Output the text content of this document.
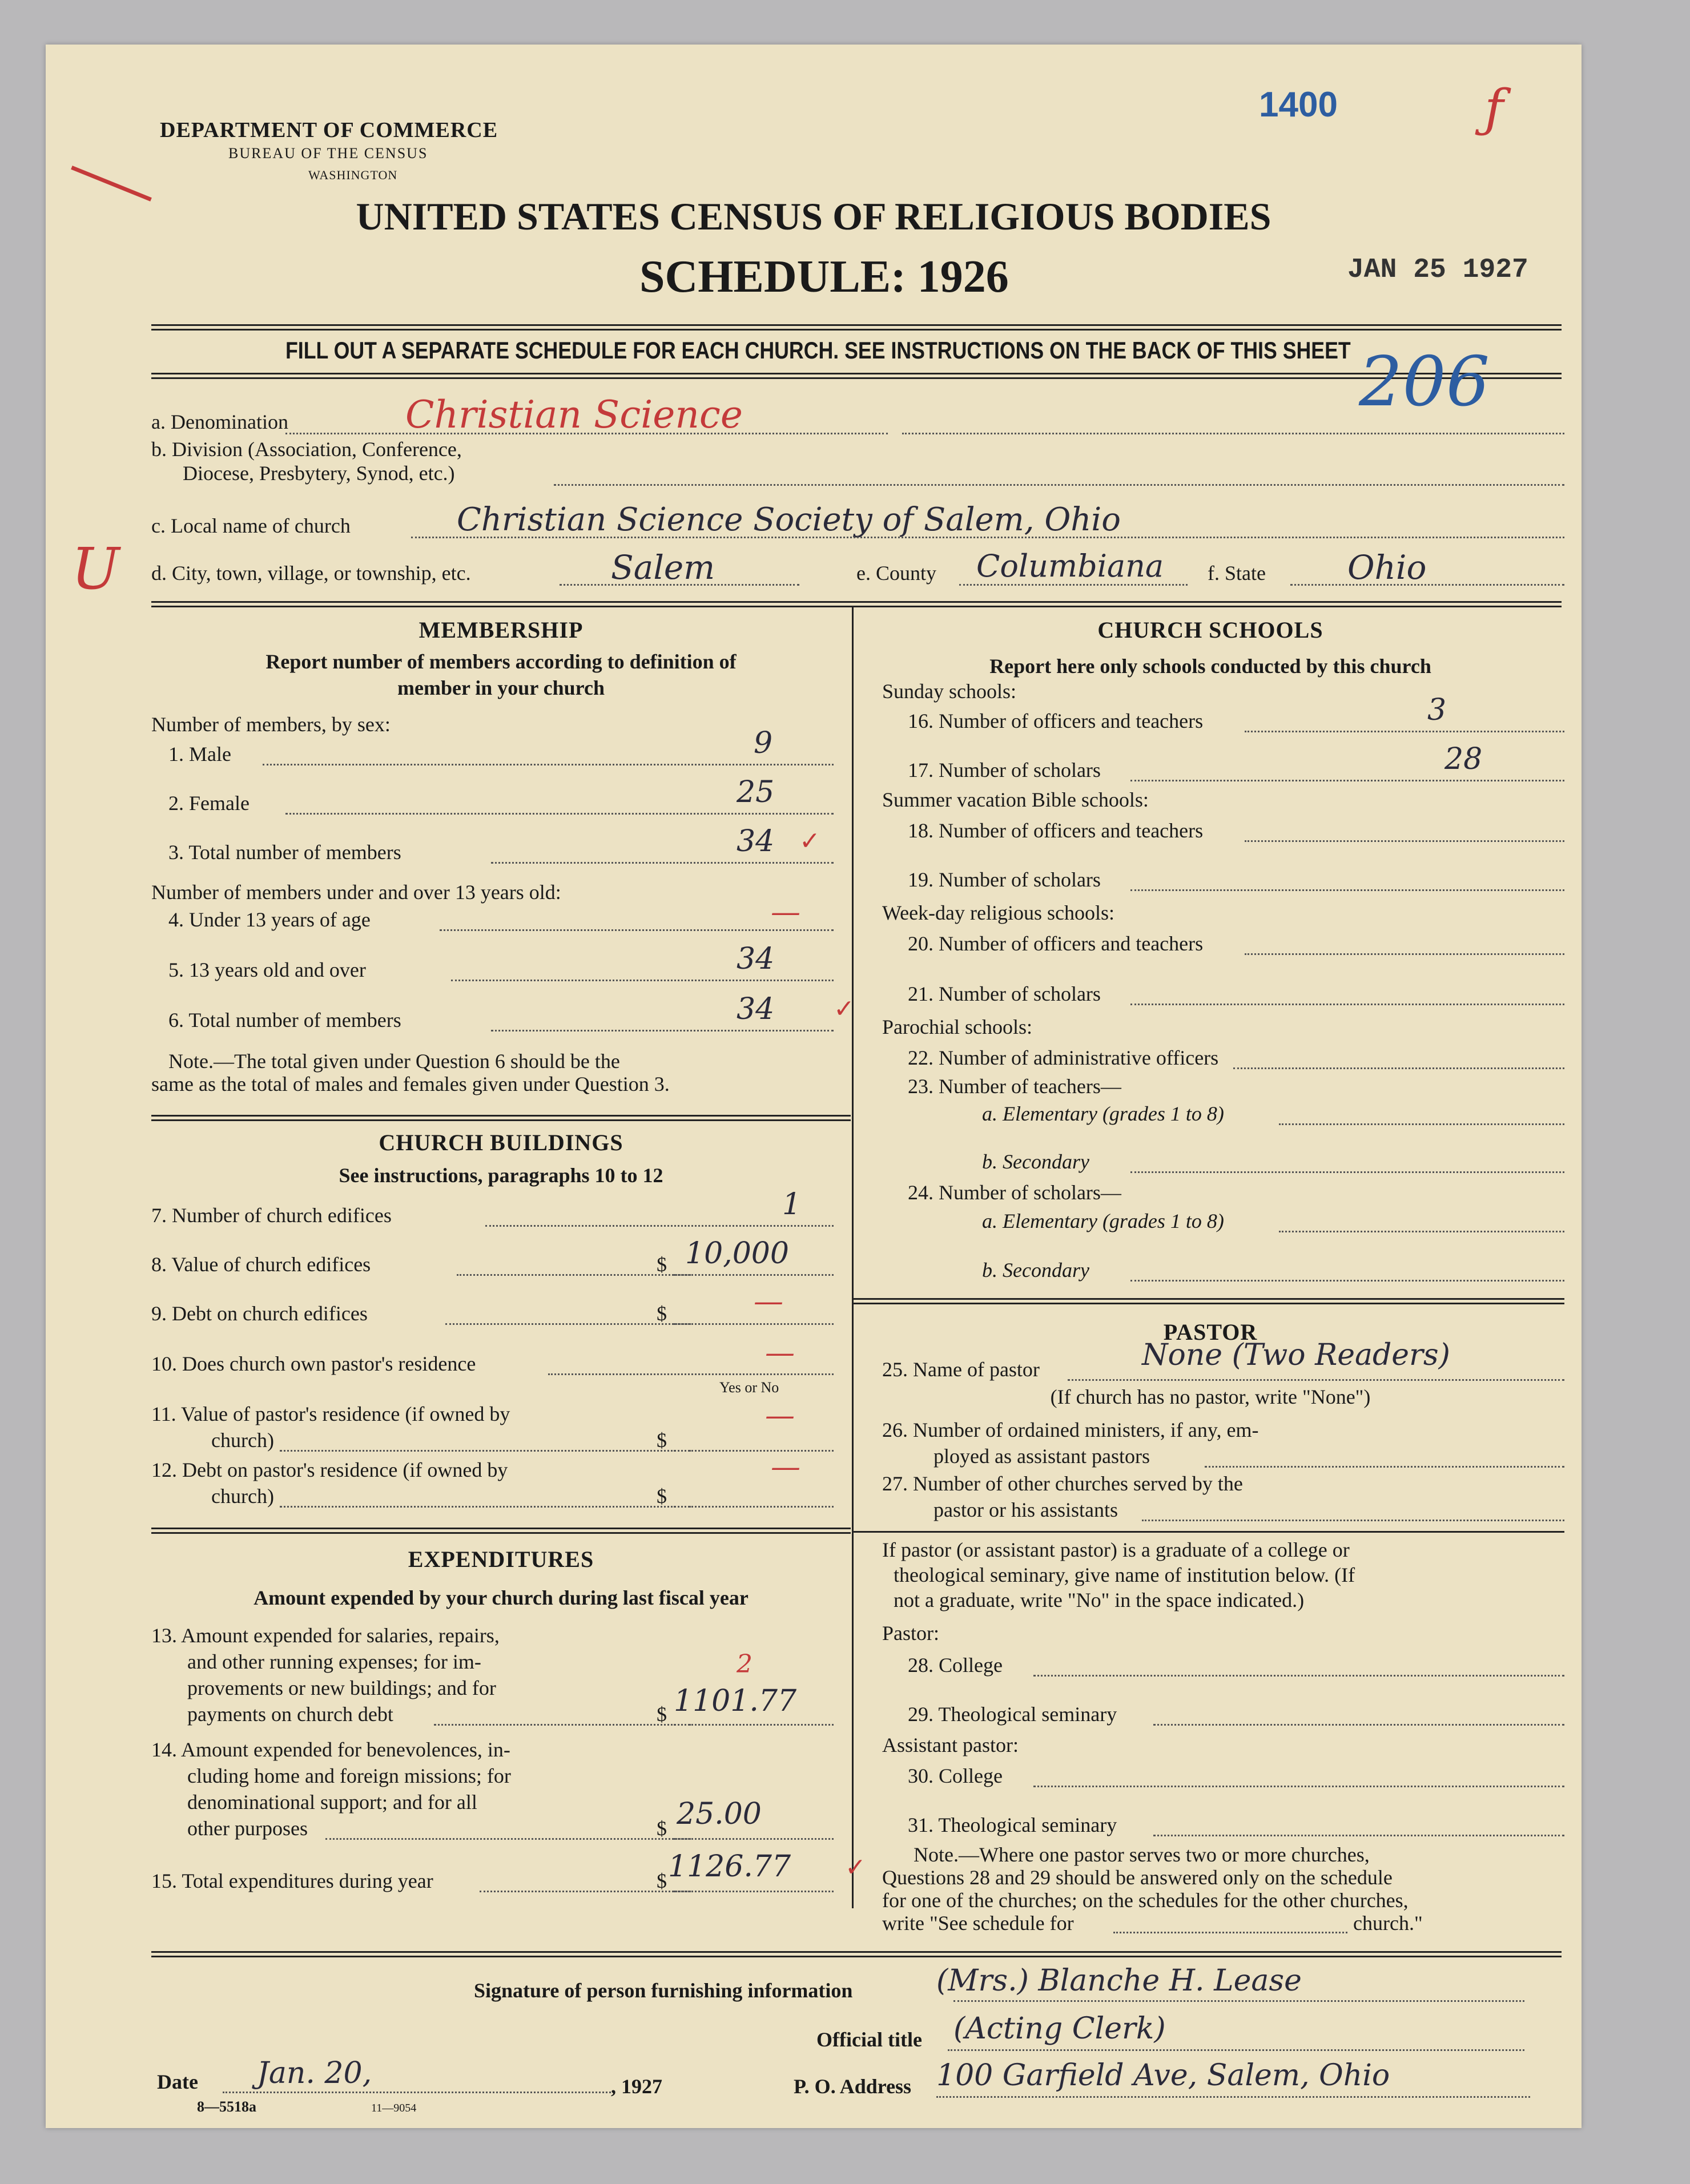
DEPARTMENT OF COMMERCE
BUREAU OF THE CENSUS
WASHINGTON
1400	ƒ
UNITED STATES CENSUS OF RELIGIOUS BODIES
SCHEDULE: 1926	JAN 25 1927
FILL OUT A SEPARATE SCHEDULE FOR EACH CHURCH. SEE INSTRUCTIONS ON THE BACK OF THIS SHEET 206
U
a. Denomination	Christian Science
b. Division (Association, Conference,
Diocese, Presbytery, Synod, etc.)
c. Local name of church	Christian Science Society of Salem, Ohio
d. City, town, village, or township, etc.	Salem	e. County Columbiana f. State Ohio
MEMBERSHIP
Report number of members according to definition of
member in your church
Number of members, by sex:
1. Male	9
2. Female	25
3. Total number of members	34 ✓
Number of members under and over 13 years old:
4. Under 13 years of age	—
5. 13 years old and over	34
6. Total number of members	34 ✓
Note.—The total given under Question 6 should be the
same as the total of males and females given under Question 3.
CHURCH BUILDINGS
See instructions, paragraphs 10 to 12
7. Number of church edifices	1
8. Value of church edifices	$ 10,000
9. Debt on church edifices	$	—
10. Does church own pastor's residence	—
Yes or No
11. Value of pastor's residence (if owned by
church)	$
—
12. Debt on pastor's residence (if owned by
church)	$
—
EXPENDITURES
Amount expended by your church during last fiscal year
13. Amount expended for salaries, repairs,
and other running expenses; for im-
provements or new buildings; and for
payments on church debt	$ 1101.77
2
14. Amount expended for benevolences, in-
cluding home and foreign missions; for
denominational support; and for all
other purposes	$ 25.00
15. Total expenditures during year	$ 1126.77 ✓
CHURCH SCHOOLS
Report here only schools conducted by this church
Sunday schools:
16. Number of officers and teachers	3
17. Number of scholars	28
Summer vacation Bible schools:
18. Number of officers and teachers
19. Number of scholars
Week-day religious schools:
20. Number of officers and teachers
21. Number of scholars
Parochial schools:
22. Number of administrative officers
23. Number of teachers—
a. Elementary (grades 1 to 8)
b. Secondary
24. Number of scholars—
a. Elementary (grades 1 to 8)
b. Secondary
PASTOR
25. Name of pastor	None (Two Readers)
(If church has no pastor, write "None")
26. Number of ordained ministers, if any, em-
ployed as assistant pastors
27. Number of other churches served by the
pastor or his assistants
If pastor (or assistant pastor) is a graduate of a college or
theological seminary, give name of institution below. (If
not a graduate, write "No" in the space indicated.)
Pastor:
28. College
29. Theological seminary
Assistant pastor:
30. College
31. Theological seminary
Note.—Where one pastor serves two or more churches,
Questions 28 and 29 should be answered only on the schedule
for one of the churches; on the schedules for the other churches,
write "See schedule for	church."
Signature of person furnishing information	(Mrs.) Blanche H. Lease
Official title (Acting Clerk)
Date Jan. 20,	, 1927	P. O. Address 100 Garfield Ave, Salem, Ohio
8—5518a	11—9054
